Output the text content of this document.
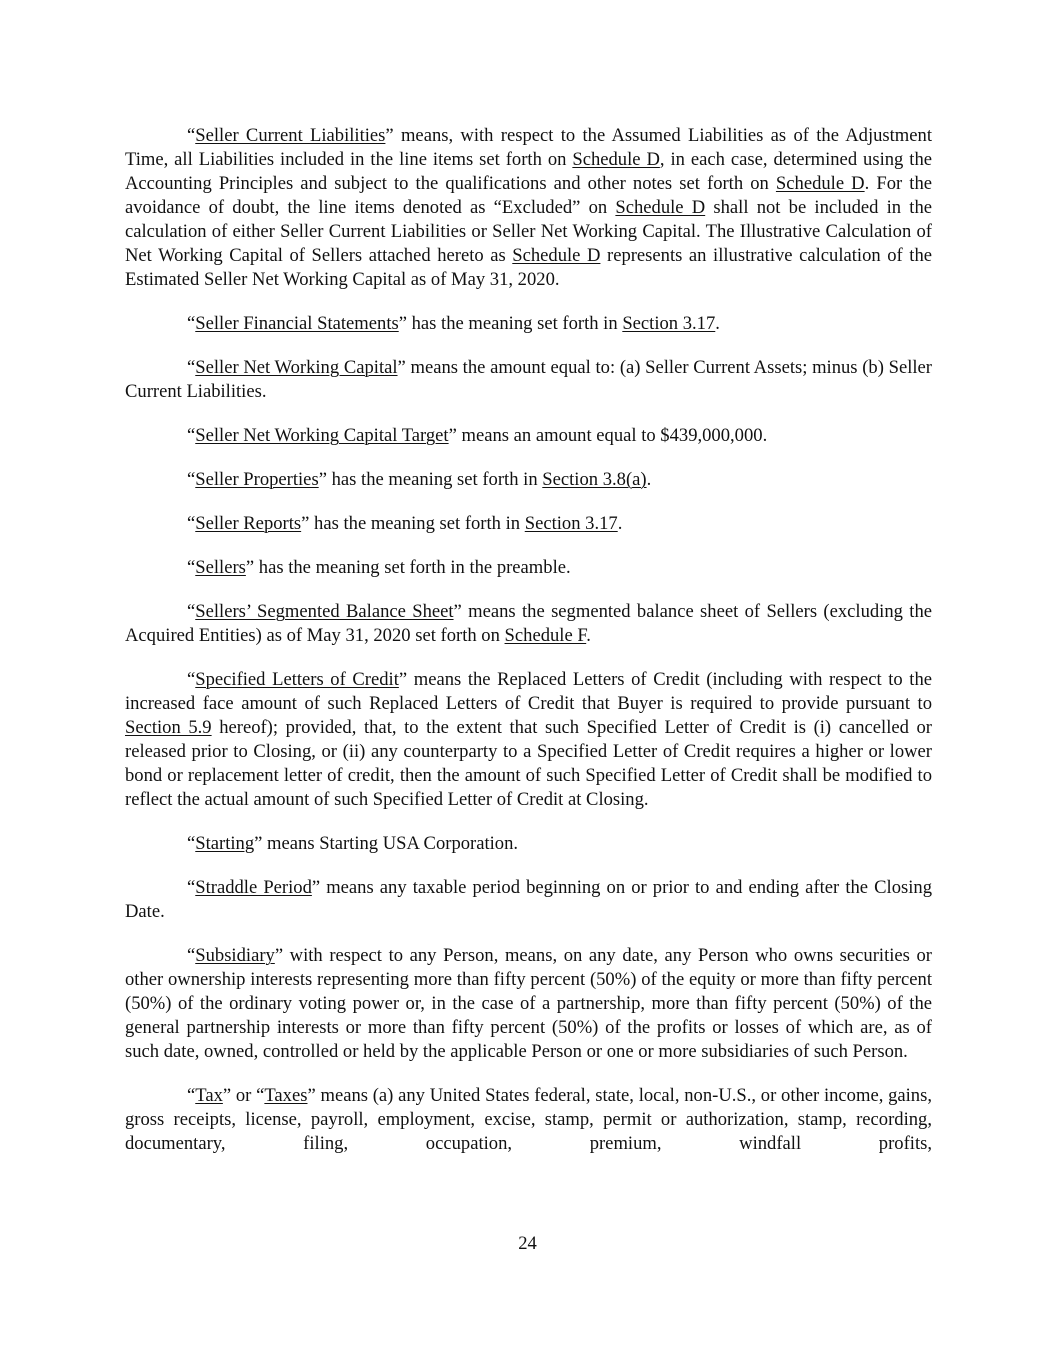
“Seller Current Liabilities” means, with respect to the Assumed Liabilities as of the Adjustment Time, all Liabilities included in the line items set forth on Schedule D, in each case, determined using the Accounting Principles and subject to the qualifications and other notes set forth on Schedule D. For the avoidance of doubt, the line items denoted as “Excluded” on Schedule D shall not be included in the calculation of either Seller Current Liabilities or Seller Net Working Capital. The Illustrative Calculation of Net Working Capital of Sellers attached hereto as Schedule D represents an illustrative calculation of the Estimated Seller Net Working Capital as of May 31, 2020.

“Seller Financial Statements” has the meaning set forth in Section 3.17.

“Seller Net Working Capital” means the amount equal to: (a) Seller Current Assets; minus (b) Seller Current Liabilities.

“Seller Net Working Capital Target” means an amount equal to $439,000,000.

“Seller Properties” has the meaning set forth in Section 3.8(a).

“Seller Reports” has the meaning set forth in Section 3.17.

“Sellers” has the meaning set forth in the preamble.

“Sellers’ Segmented Balance Sheet” means the segmented balance sheet of Sellers (excluding the Acquired Entities) as of May 31, 2020 set forth on Schedule F.

“Specified Letters of Credit” means the Replaced Letters of Credit (including with respect to the increased face amount of such Replaced Letters of Credit that Buyer is required to provide pursuant to Section 5.9 hereof); provided, that, to the extent that such Specified Letter of Credit is (i) cancelled or released prior to Closing, or (ii) any counterparty to a Specified Letter of Credit requires a higher or lower bond or replacement letter of credit, then the amount of such Specified Letter of Credit shall be modified to reflect the actual amount of such Specified Letter of Credit at Closing.

“Starting” means Starting USA Corporation.

“Straddle Period” means any taxable period beginning on or prior to and ending after the Closing Date.

“Subsidiary” with respect to any Person, means, on any date, any Person who owns securities or other ownership interests representing more than fifty percent (50%) of the equity or more than fifty percent (50%) of the ordinary voting power or, in the case of a partnership, more than fifty percent (50%) of the general partnership interests or more than fifty percent (50%) of the profits or losses of which are, as of such date, owned, controlled or held by the applicable Person or one or more subsidiaries of such Person.

“Tax” or “Taxes” means (a) any United States federal, state, local, non-U.S., or other income, gains, gross receipts, license, payroll, employment, excise, stamp, permit or authorization, stamp, recording, documentary, filing, occupation, premium, windfall profits,

24
